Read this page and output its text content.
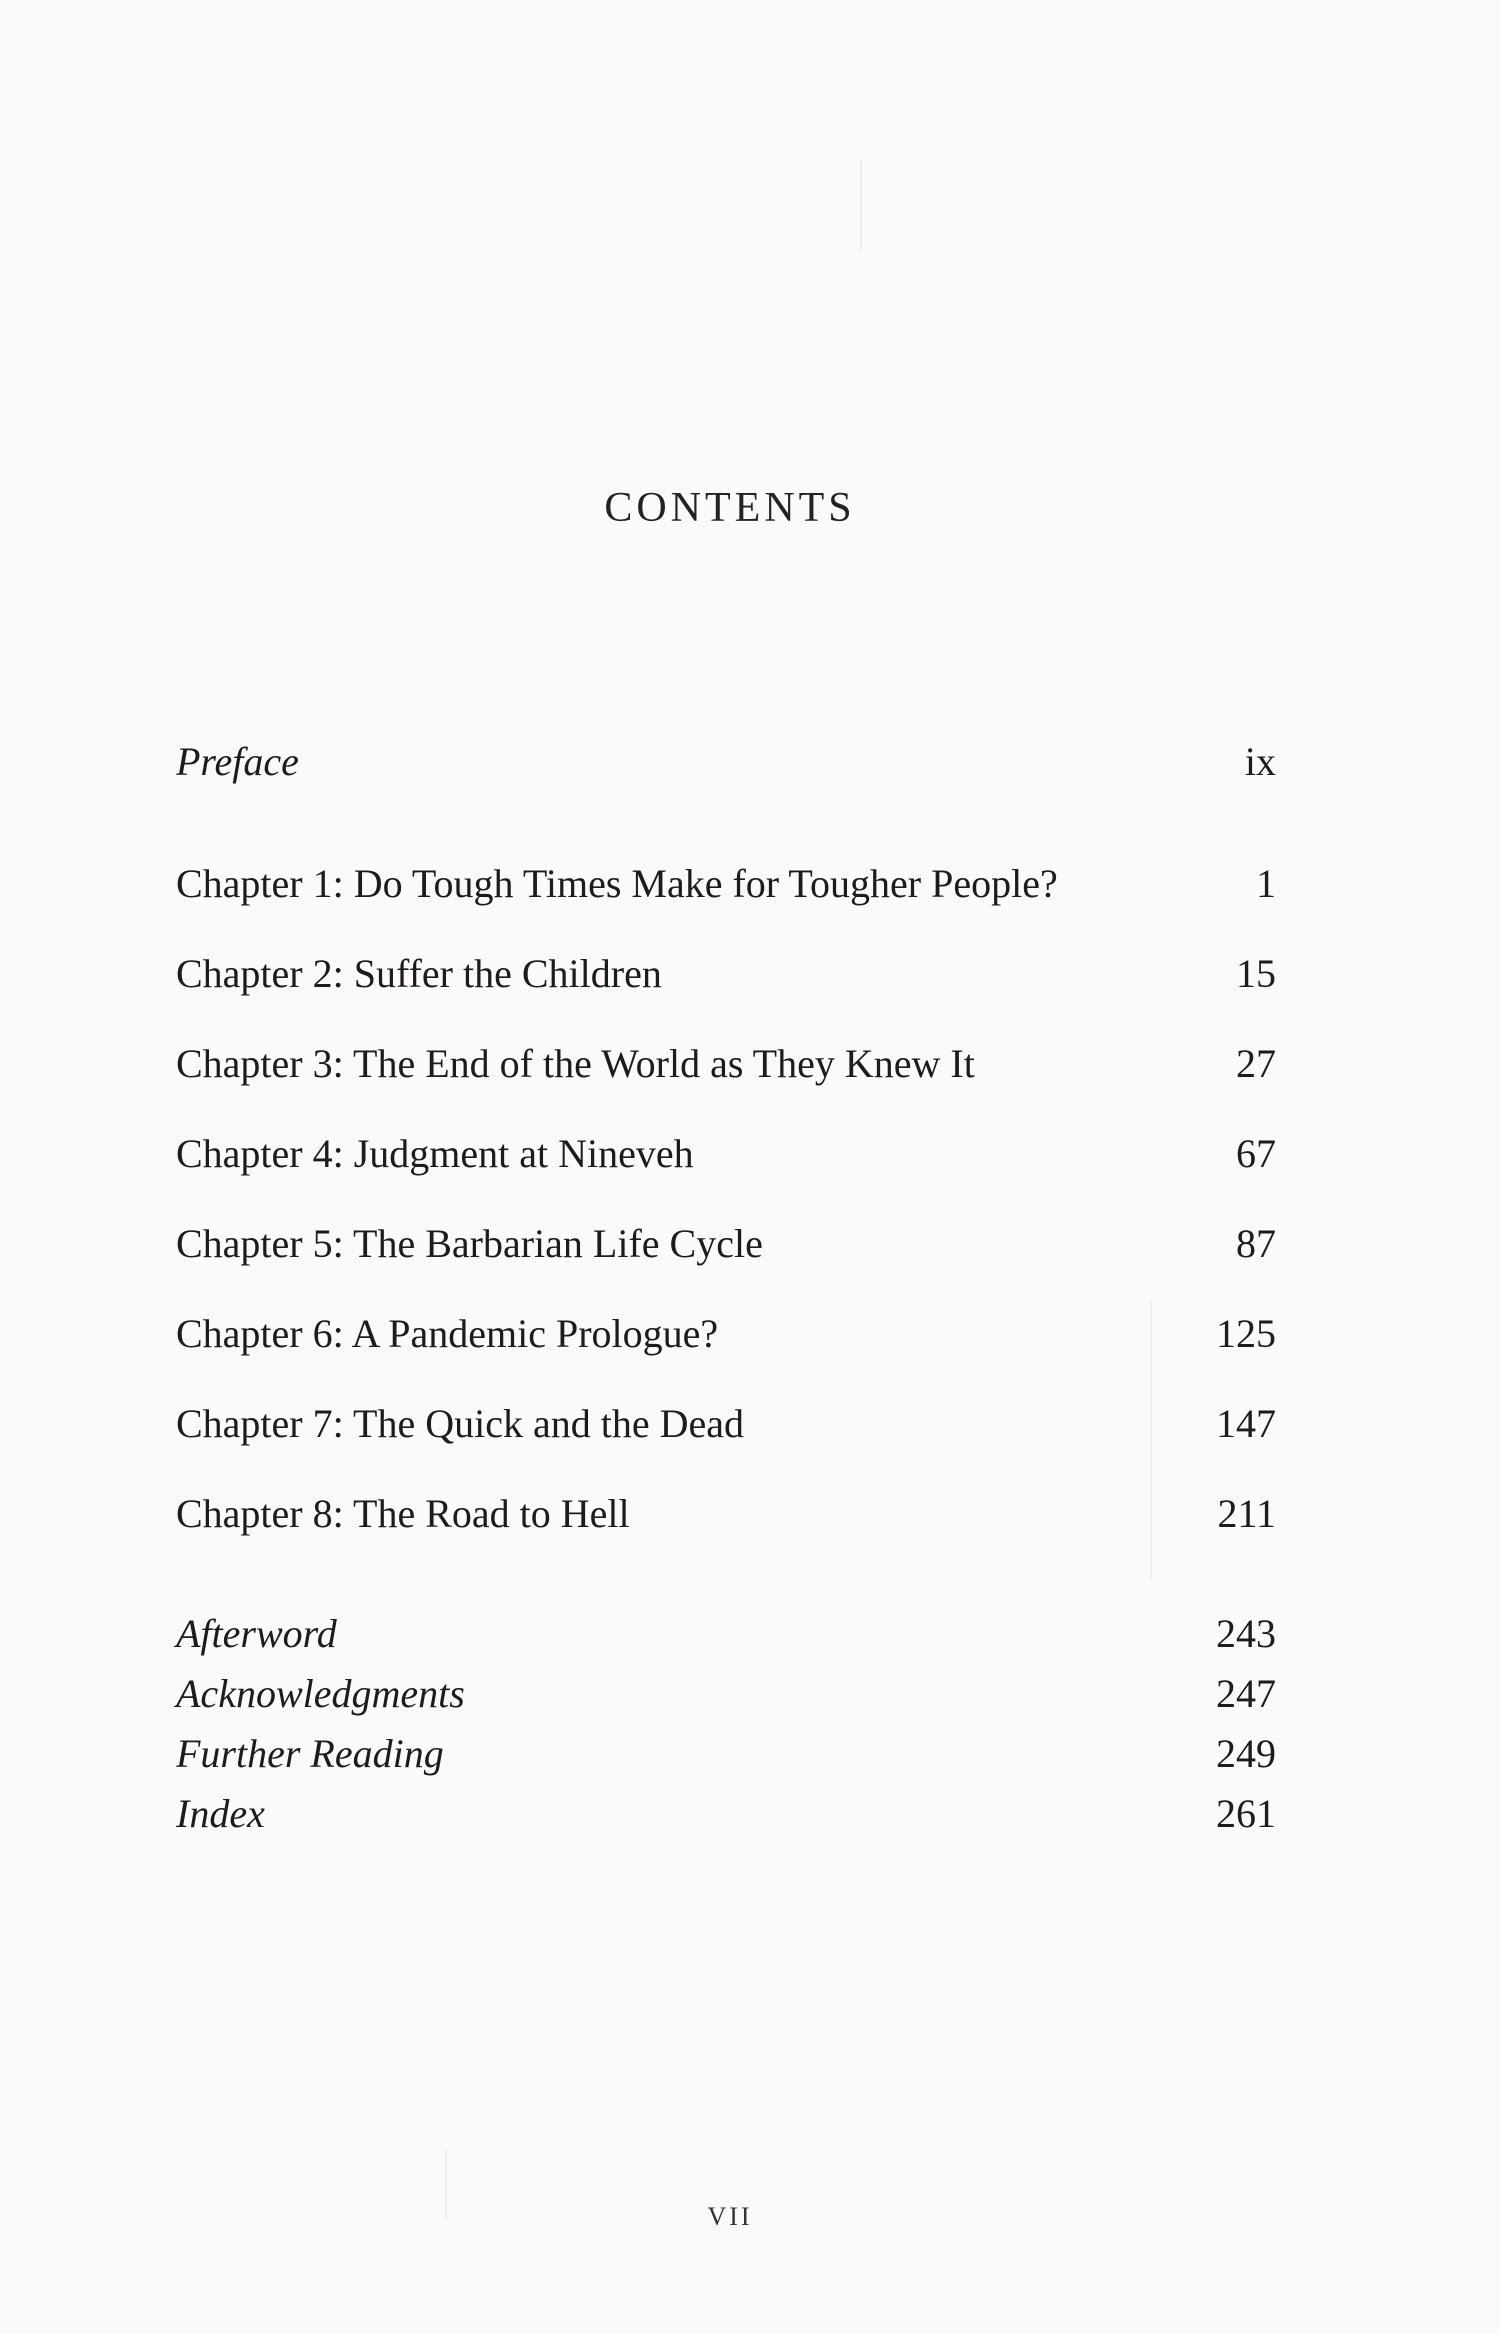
CONTENTS
Preface	ix
Chapter 1: Do Tough Times Make for Tougher People?	1
Chapter 2: Suffer the Children	15
Chapter 3: The End of the World as They Knew It	27
Chapter 4: Judgment at Nineveh	67
Chapter 5: The Barbarian Life Cycle	87
Chapter 6: A Pandemic Prologue?	125
Chapter 7: The Quick and the Dead	147
Chapter 8: The Road to Hell	211
Afterword	243
Acknowledgments	247
Further Reading	249
Index	261
VII
